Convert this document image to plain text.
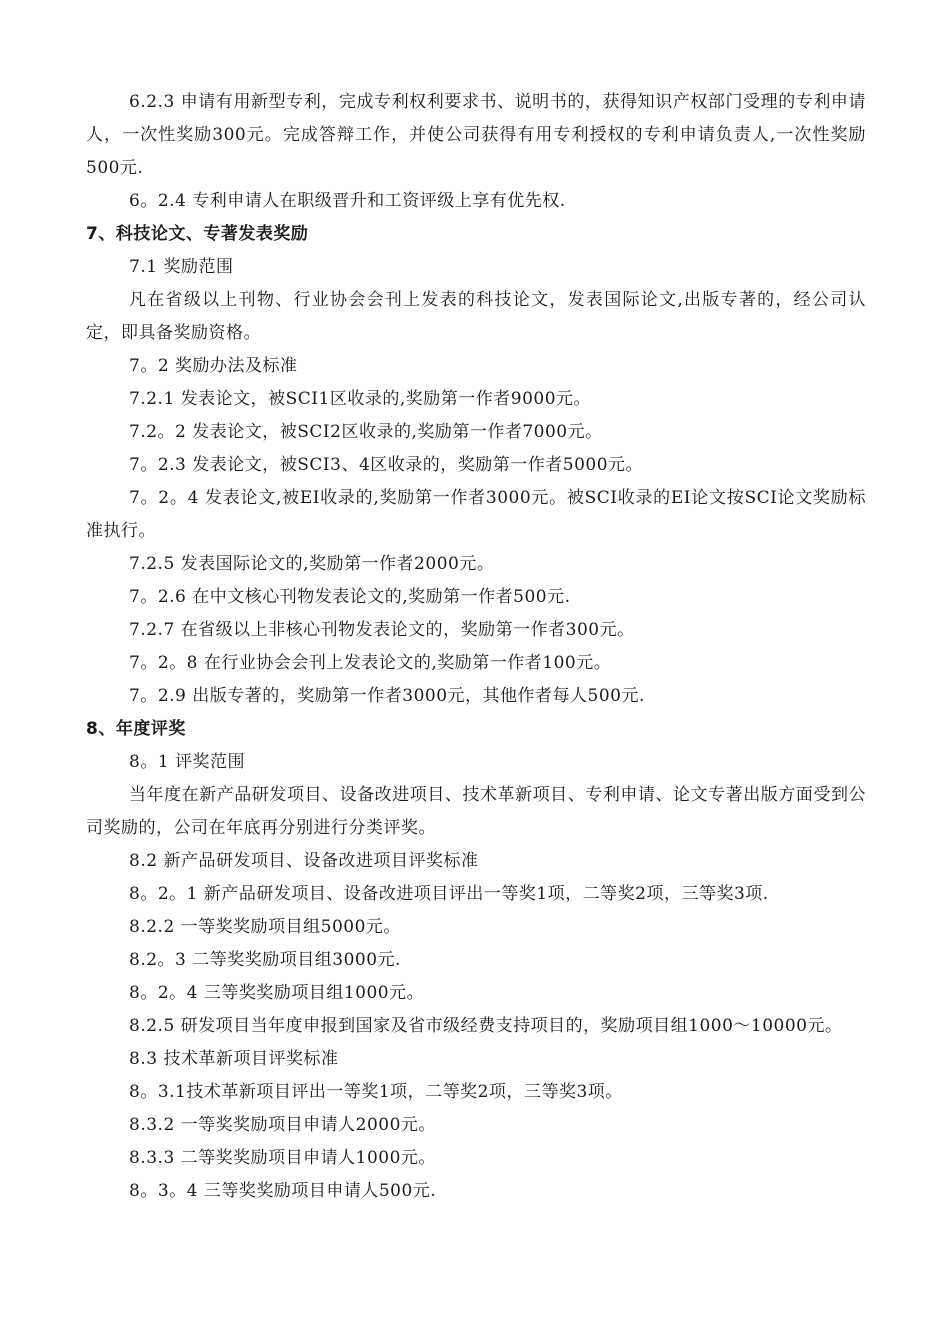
6.2.3 申请有用新型专利，完成专利权利要求书、说明书的，获得知识产权部门受理的专利申请人，一次性奖励300元。完成答辩工作，并使公司获得有用专利授权的专利申请负责人,一次性奖励500元.
6。2.4 专利申请人在职级晋升和工资评级上享有优先权.
7、科技论文、专著发表奖励
7.1 奖励范围
凡在省级以上刊物、行业协会会刊上发表的科技论文，发表国际论文,出版专著的，经公司认定，即具备奖励资格。
7。2 奖励办法及标准
7.2.1 发表论文，被SCI1区收录的,奖励第一作者9000元。
7.2。2 发表论文，被SCI2区收录的,奖励第一作者7000元。
7。2.3 发表论文，被SCI3、4区收录的，奖励第一作者5000元。
7。2。4 发表论文,被EI收录的,奖励第一作者3000元。被SCI收录的EI论文按SCI论文奖励标准执行。
7.2.5 发表国际论文的,奖励第一作者2000元。
7。2.6 在中文核心刊物发表论文的,奖励第一作者500元.
7.2.7 在省级以上非核心刊物发表论文的，奖励第一作者300元。
7。2。8 在行业协会会刊上发表论文的,奖励第一作者100元。
7。2.9 出版专著的，奖励第一作者3000元，其他作者每人500元.
8、年度评奖
8。1 评奖范围
当年度在新产品研发项目、设备改进项目、技术革新项目、专利申请、论文专著出版方面受到公司奖励的，公司在年底再分别进行分类评奖。
8.2 新产品研发项目、设备改进项目评奖标准
8。2。1 新产品研发项目、设备改进项目评出一等奖1项，二等奖2项，三等奖3项.
8.2.2 一等奖奖励项目组5000元。
8.2。3 二等奖奖励项目组3000元.
8。2。4 三等奖奖励项目组1000元。
8.2.5 研发项目当年度申报到国家及省市级经费支持项目的，奖励项目组1000～10000元。
8.3 技术革新项目评奖标准
8。3.1技术革新项目评出一等奖1项，二等奖2项，三等奖3项。
8.3.2 一等奖奖励项目申请人2000元。
8.3.3 二等奖奖励项目申请人1000元。
8。3。4 三等奖奖励项目申请人500元.
